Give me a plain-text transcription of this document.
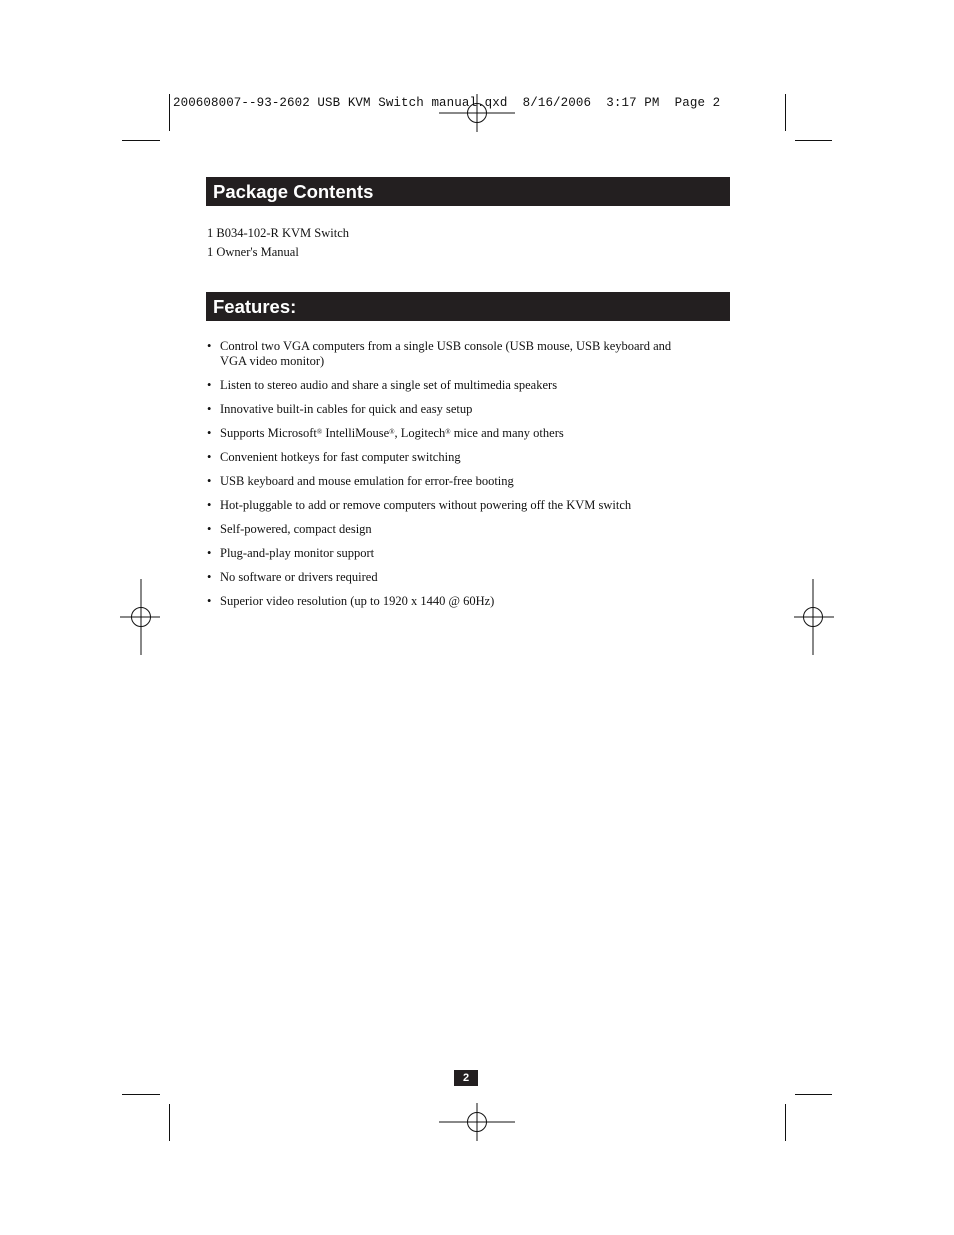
200608007--93-2602 USB KVM Switch manual.qxd  8/16/2006  3:17 PM  Page 2
Package Contents
1 B034-102-R KVM Switch
1 Owner's Manual
Features:
• Control two VGA computers from a single USB console (USB mouse, USB keyboard and VGA video monitor)
• Listen to stereo audio and share a single set of multimedia speakers
• Innovative built-in cables for quick and easy setup
• Supports Microsoft® IntelliMouse®, Logitech® mice and many others
• Convenient hotkeys for fast computer switching
• USB keyboard and mouse emulation for error-free booting
• Hot-pluggable to add or remove computers without powering off the KVM switch
• Self-powered, compact design
• Plug-and-play monitor support
• No software or drivers required
• Superior video resolution (up to 1920 x 1440 @ 60Hz)
2
